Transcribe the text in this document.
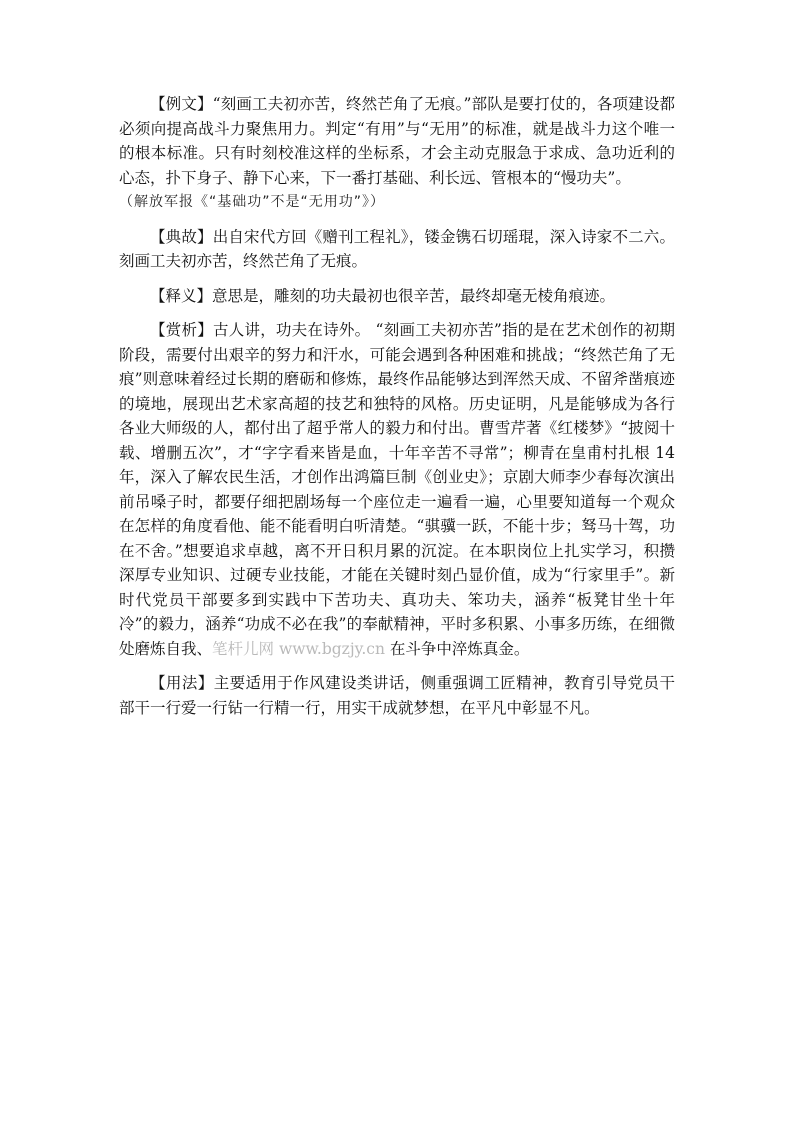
【例文】“刻画工夫初亦苦，终然芒角了无痕。”部队是要打仗的，各项建设都必须向提高战斗力聚焦用力。判定“有用”与“无用”的标准，就是战斗力这个唯一的根本标准。只有时刻校准这样的坐标系，才会主动克服急于求成、急功近利的心态，扑下身子、静下心来，下一番打基础、利长远、管根本的“慢功夫”。
（解放军报《“基础功”不是“无用功”》）

【典故】出自宋代方回《赠刊工程礼》，镂金镌石切瑶琨，深入诗家不二六。刻画工夫初亦苦，终然芒角了无痕。

【释义】意思是，雕刻的功夫最初也很辛苦，最终却毫无棱角痕迹。

【赏析】古人讲，功夫在诗外。 “刻画工夫初亦苦”指的是在艺术创作的初期阶段，需要付出艰辛的努力和汗水，可能会遇到各种困难和挑战；“终然芒角了无痕”则意味着经过长期的磨砺和修炼，最终作品能够达到浑然天成、不留斧凿痕迹的境地，展现出艺术家高超的技艺和独特的风格。历史证明，凡是能够成为各行各业大师级的人，都付出了超乎常人的毅力和付出。曹雪芹著《红楼梦》“披阅十载、增删五次”，才“字字看来皆是血，十年辛苦不寻常”；柳青在皇甫村扎根 14 年，深入了解农民生活，才创作出鸿篇巨制《创业史》；京剧大师李少春每次演出前吊嗓子时，都要仔细把剧场每一个座位走一遍看一遍，心里要知道每一个观众在怎样的角度看他、能不能看明白听清楚。“骐骥一跃，不能十步；驽马十驾，功在不舍。”想要追求卓越，离不开日积月累的沉淀。在本职岗位上扎实学习，积攒深厚专业知识、过硬专业技能，才能在关键时刻凸显价值，成为“行家里手”。新时代党员干部要多到实践中下苦功夫、真功夫、笨功夫，涵养“板凳甘坐十年冷”的毅力，涵养“功成不必在我”的奉献精神，平时多积累、小事多历练，在细微处磨炼自我、笔杆儿网 www.bgzjy.cn 在斗争中淬炼真金。

【用法】主要适用于作风建设类讲话，侧重强调工匠精神，教育引导党员干部干一行爱一行钻一行精一行，用实干成就梦想，在平凡中彰显不凡。
